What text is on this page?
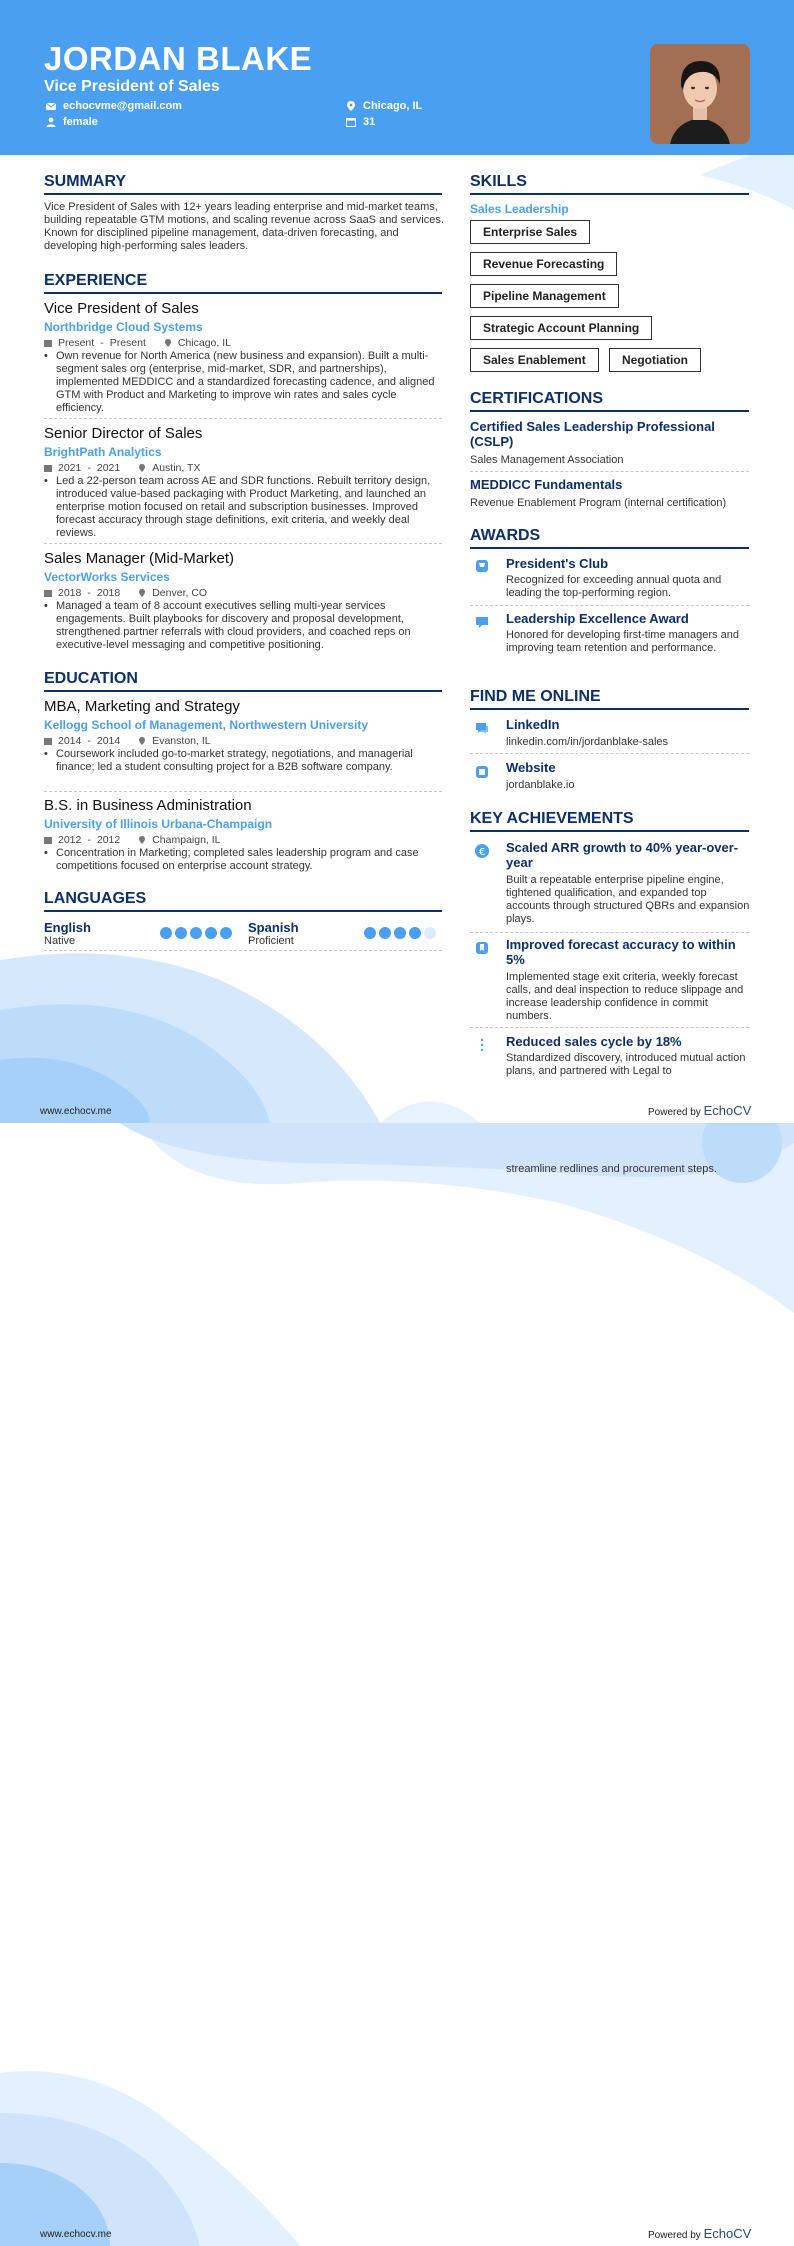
JORDAN BLAKE
Vice President of Sales
echocvme@gmail.com	Chicago, IL
female	31
SUMMARY
Vice President of Sales with 12+ years leading enterprise and mid-market teams, building repeatable GTM motions, and scaling revenue across SaaS and services. Known for disciplined pipeline management, data-driven forecasting, and developing high-performing sales leaders.
EXPERIENCE
Vice President of Sales
Northbridge Cloud Systems
Present - Present	Chicago, IL
• Own revenue for North America (new business and expansion). Built a multi-segment sales org (enterprise, mid-market, SDR, and partnerships), implemented MEDDICC and a standardized forecasting cadence, and aligned GTM with Product and Marketing to improve win rates and sales cycle efficiency.
Senior Director of Sales
BrightPath Analytics
2021 - 2021	Austin, TX
• Led a 22-person team across AE and SDR functions. Rebuilt territory design, introduced value-based packaging with Product Marketing, and launched an enterprise motion focused on retail and subscription businesses. Improved forecast accuracy through stage definitions, exit criteria, and weekly deal reviews.
Sales Manager (Mid-Market)
VectorWorks Services
2018 - 2018	Denver, CO
• Managed a team of 8 account executives selling multi-year services engagements. Built playbooks for discovery and proposal development, strengthened partner referrals with cloud providers, and coached reps on executive-level messaging and competitive positioning.
EDUCATION
MBA, Marketing and Strategy
Kellogg School of Management, Northwestern University
2014 - 2014	Evanston, IL
• Coursework included go-to-market strategy, negotiations, and managerial finance; led a student consulting project for a B2B software company.
B.S. in Business Administration
University of Illinois Urbana-Champaign
2012 - 2012	Champaign, IL
• Concentration in Marketing; completed sales leadership program and case competitions focused on enterprise account strategy.
LANGUAGES
English
Native
Spanish
Proficient
SKILLS
Sales Leadership
Enterprise Sales
Revenue Forecasting
Pipeline Management
Strategic Account Planning
Sales Enablement	Negotiation
CERTIFICATIONS
Certified Sales Leadership Professional (CSLP)
Sales Management Association
MEDDICC Fundamentals
Revenue Enablement Program (internal certification)
AWARDS
President's Club
Recognized for exceeding annual quota and leading the top-performing region.
Leadership Excellence Award
Honored for developing first-time managers and improving team retention and performance.
FIND ME ONLINE
LinkedIn
linkedin.com/in/jordanblake-sales
Website
jordanblake.io
KEY ACHIEVEMENTS
€ Scaled ARR growth to 40% year-over-year
Built a repeatable enterprise pipeline engine, tightened qualification, and expanded top accounts through structured QBRs and expansion plays.
Improved forecast accuracy to within 5%
Implemented stage exit criteria, weekly forecast calls, and deal inspection to reduce slippage and increase leadership confidence in commit numbers.
Reduced sales cycle by 18%
Standardized discovery, introduced mutual action plans, and partnered with Legal to
www.echocv.me	Powered by EchoCV
streamline redlines and procurement steps.
www.echocv.me	Powered by EchoCV
